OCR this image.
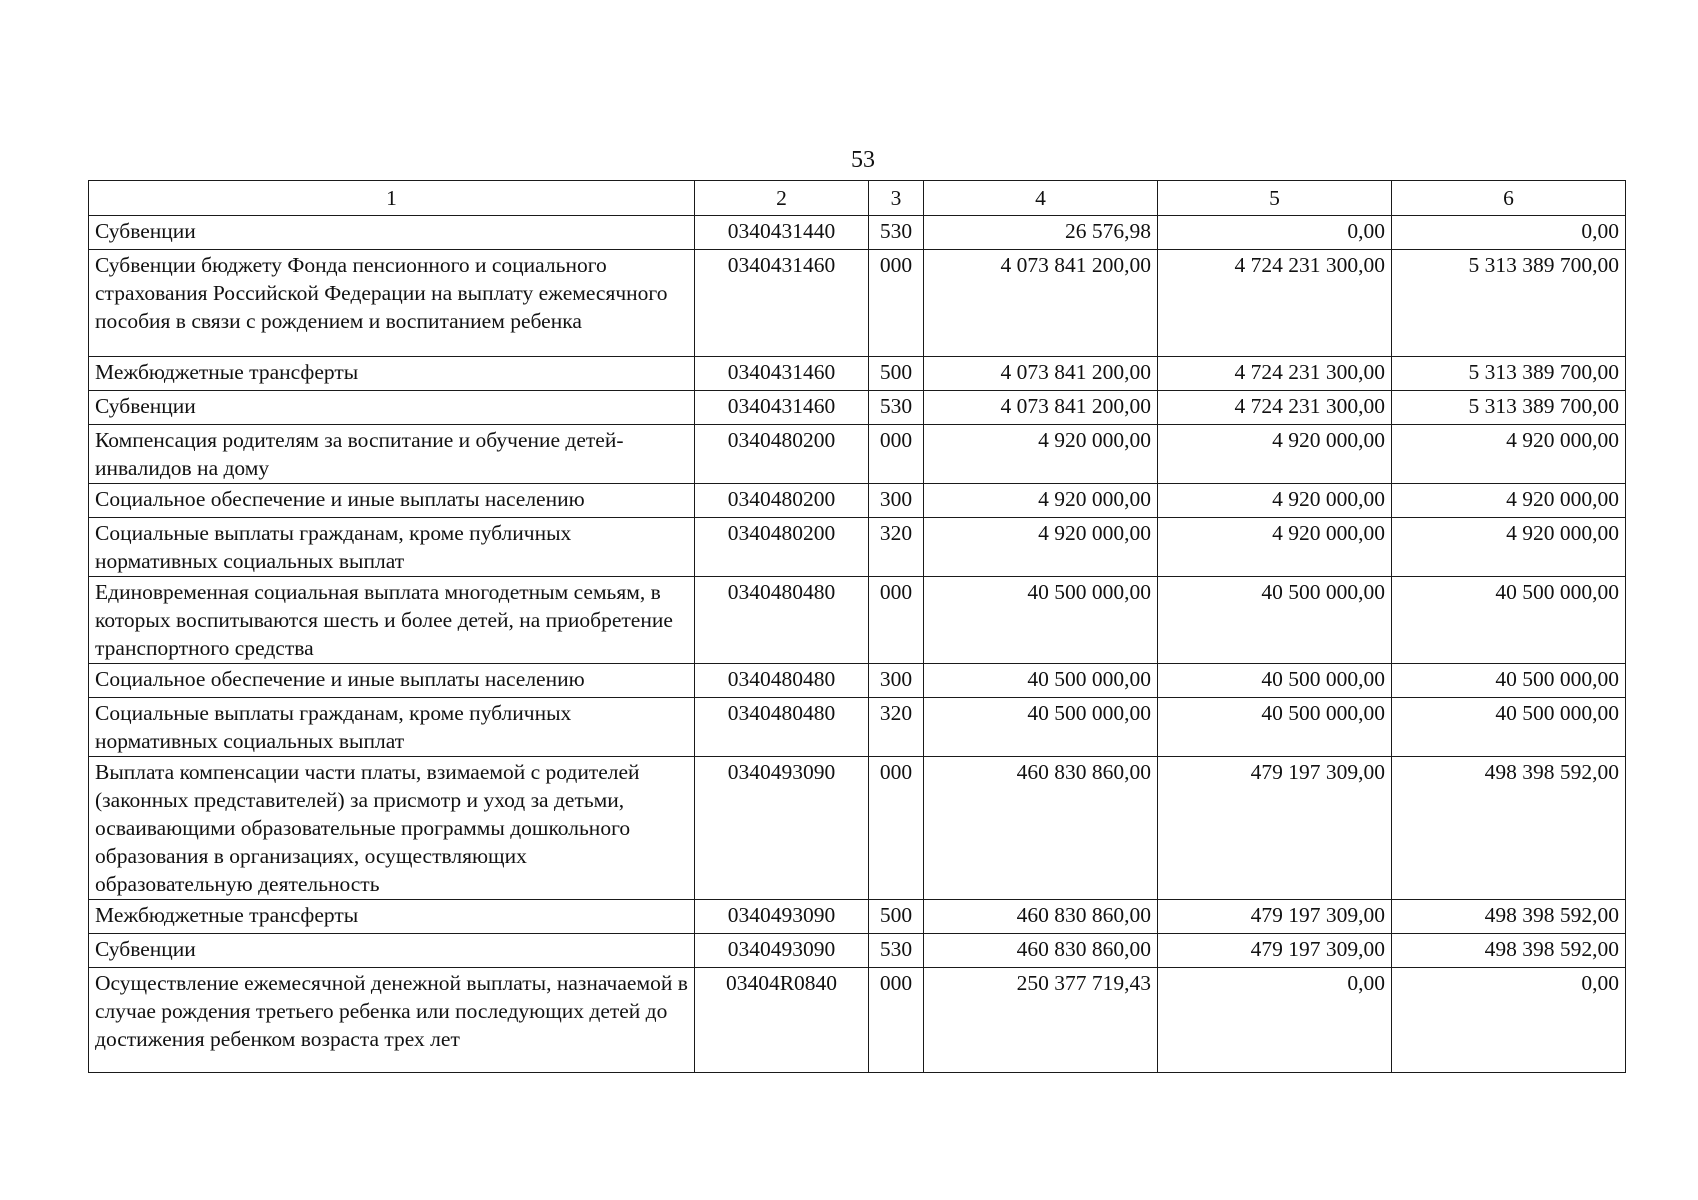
53
1	2	3	4	5	6
Субвенции	0340431440	530	26 576,98	0,00	0,00
Субвенции бюджету Фонда пенсионного и социального страхования Российской Федерации на выплату ежемесячного пособия в связи с рождением и воспитанием ребенка	0340431460	000	4 073 841 200,00	4 724 231 300,00	5 313 389 700,00
Межбюджетные трансферты	0340431460	500	4 073 841 200,00	4 724 231 300,00	5 313 389 700,00
Субвенции	0340431460	530	4 073 841 200,00	4 724 231 300,00	5 313 389 700,00
Компенсация родителям за воспитание и обучение детей-инвалидов на дому	0340480200	000	4 920 000,00	4 920 000,00	4 920 000,00
Социальное обеспечение и иные выплаты населению	0340480200	300	4 920 000,00	4 920 000,00	4 920 000,00
Социальные выплаты гражданам, кроме публичных нормативных социальных выплат	0340480200	320	4 920 000,00	4 920 000,00	4 920 000,00
Единовременная социальная выплата многодетным семьям, в которых воспитываются шесть и более детей, на приобретение транспортного средства	0340480480	000	40 500 000,00	40 500 000,00	40 500 000,00
Социальное обеспечение и иные выплаты населению	0340480480	300	40 500 000,00	40 500 000,00	40 500 000,00
Социальные выплаты гражданам, кроме публичных нормативных социальных выплат	0340480480	320	40 500 000,00	40 500 000,00	40 500 000,00
Выплата компенсации части платы, взимаемой с родителей (законных представителей) за присмотр и уход за детьми, осваивающими образовательные программы дошкольного образования в организациях, осуществляющих образовательную деятельность	0340493090	000	460 830 860,00	479 197 309,00	498 398 592,00
Межбюджетные трансферты	0340493090	500	460 830 860,00	479 197 309,00	498 398 592,00
Субвенции	0340493090	530	460 830 860,00	479 197 309,00	498 398 592,00
Осуществление ежемесячной денежной выплаты, назначаемой в случае рождения третьего ребенка или последующих детей до достижения ребенком возраста трех лет	03404R0840	000	250 377 719,43	0,00	0,00
